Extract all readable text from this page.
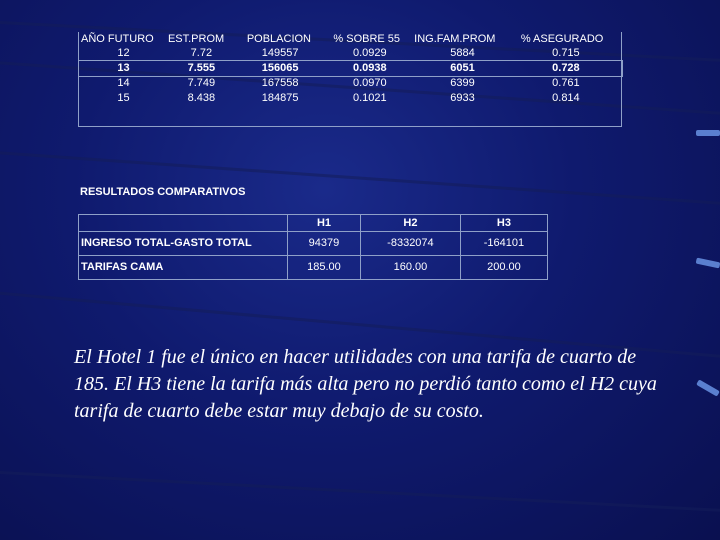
AÑO FUTURO	EST.PROM	POBLACION	% SOBRE 55	ING.FAM.PROM	% ASEGURADO
12	7.72	149557	0.0929	5884	0.715
13	7.555	156065	0.0938	6051	0.728
14	7.749	167558	0.0970	6399	0.761
15	8.438	184875	0.1021	6933	0.814

RESULTADOS COMPARATIVOS
	H1	H2	H3
INGRESO TOTAL-GASTO TOTAL	94379	-8332074	-164101
TARIFAS CAMA	185.00	160.00	200.00

El Hotel 1 fue el único en hacer utilidades con una tarifa de cuarto de 185. El H3 tiene la tarifa más alta pero no perdió tanto como el H2 cuya tarifa de cuarto debe estar muy debajo de su costo.
